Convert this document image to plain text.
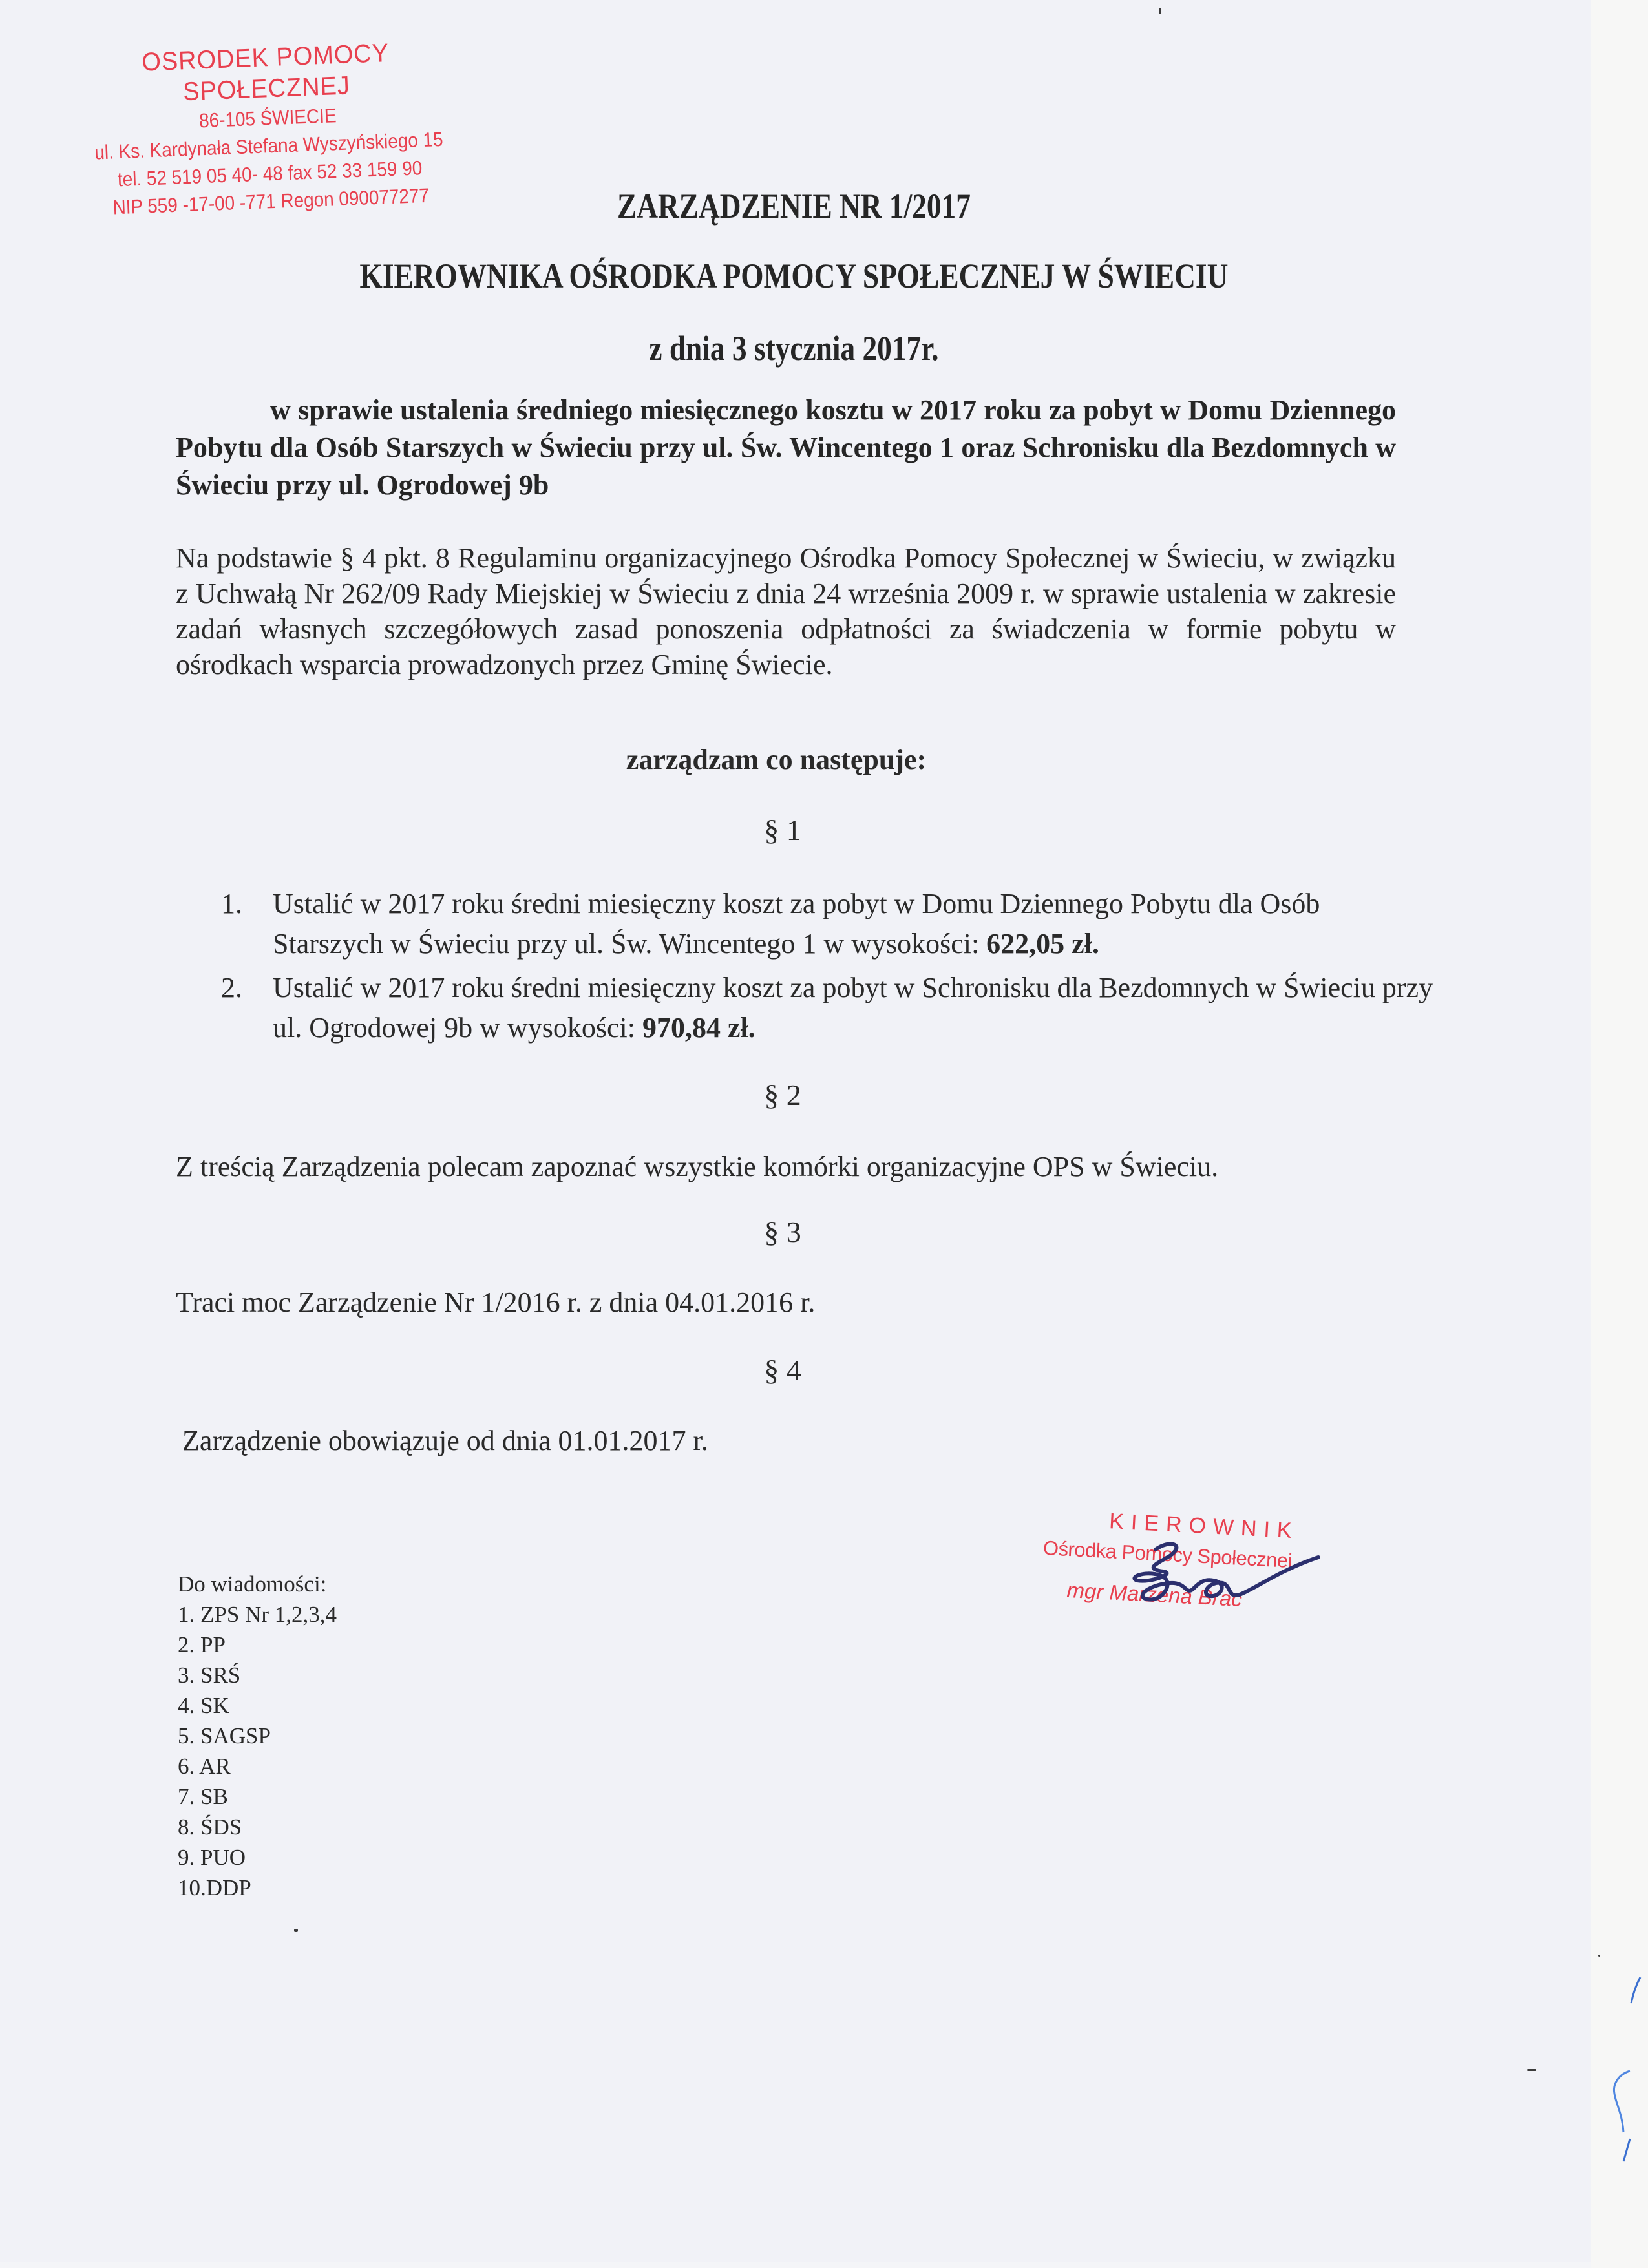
OSRODEK POMOCY SPOŁECZNEJ
86-105 ŚWIECIE
ul. Ks. Kardynała Stefana Wyszyńskiego 15
tel. 52 519 05 40- 48 fax 52 33 159 90
NIP 559 -17-00 -771 Regon 090077277	ZARZĄDZENIE NR 1/2017
KIEROWNIKA OŚRODKA POMOCY SPOŁECZNEJ W ŚWIECIU
z dnia 3 stycznia 2017r.
w sprawie ustalenia średniego miesięcznego kosztu w 2017 roku za pobyt w Domu Dziennego Pobytu dla Osób Starszych w Świeciu przy ul. Św. Wincentego 1 oraz Schronisku dla Bezdomnych w Świeciu przy ul. Ogrodowej 9b
Na podstawie § 4 pkt. 8 Regulaminu organizacyjnego Ośrodka Pomocy Społecznej w Świeciu, w związku z Uchwałą Nr 262/09 Rady Miejskiej w Świeciu z dnia 24 września 2009 r. w sprawie ustalenia w zakresie zadań własnych szczegółowych zasad ponoszenia odpłatności za świadczenia w formie pobytu w ośrodkach wsparcia prowadzonych przez Gminę Świecie.
zarządzam co następuje:
§ 1
1. Ustalić w 2017 roku średni miesięczny koszt za pobyt w Domu Dziennego Pobytu dla Osób Starszych w Świeciu przy ul. Św. Wincentego 1 w wysokości: 622,05 zł.
2. Ustalić w 2017 roku średni miesięczny koszt za pobyt w Schronisku dla Bezdomnych w Świeciu przy ul. Ogrodowej 9b w wysokości: 970,84 zł.
§ 2
Z treścią Zarządzenia polecam zapoznać wszystkie komórki organizacyjne OPS w Świeciu.
§ 3
Traci moc Zarządzenie Nr 1/2016 r. z dnia 04.01.2016 r.
§ 4
Zarządzenie obowiązuje od dnia 01.01.2017 r.
KIEROWNIK
Ośrodka Pomocy Społecznej
mgr Marzena Brac
Do wiadomości:
1. ZPS Nr 1,2,3,4
2. PP
3. SRŚ
4. SK
5. SAGSP
6. AR
7. SB
8. ŚDS
9. PUO
10.DDP
